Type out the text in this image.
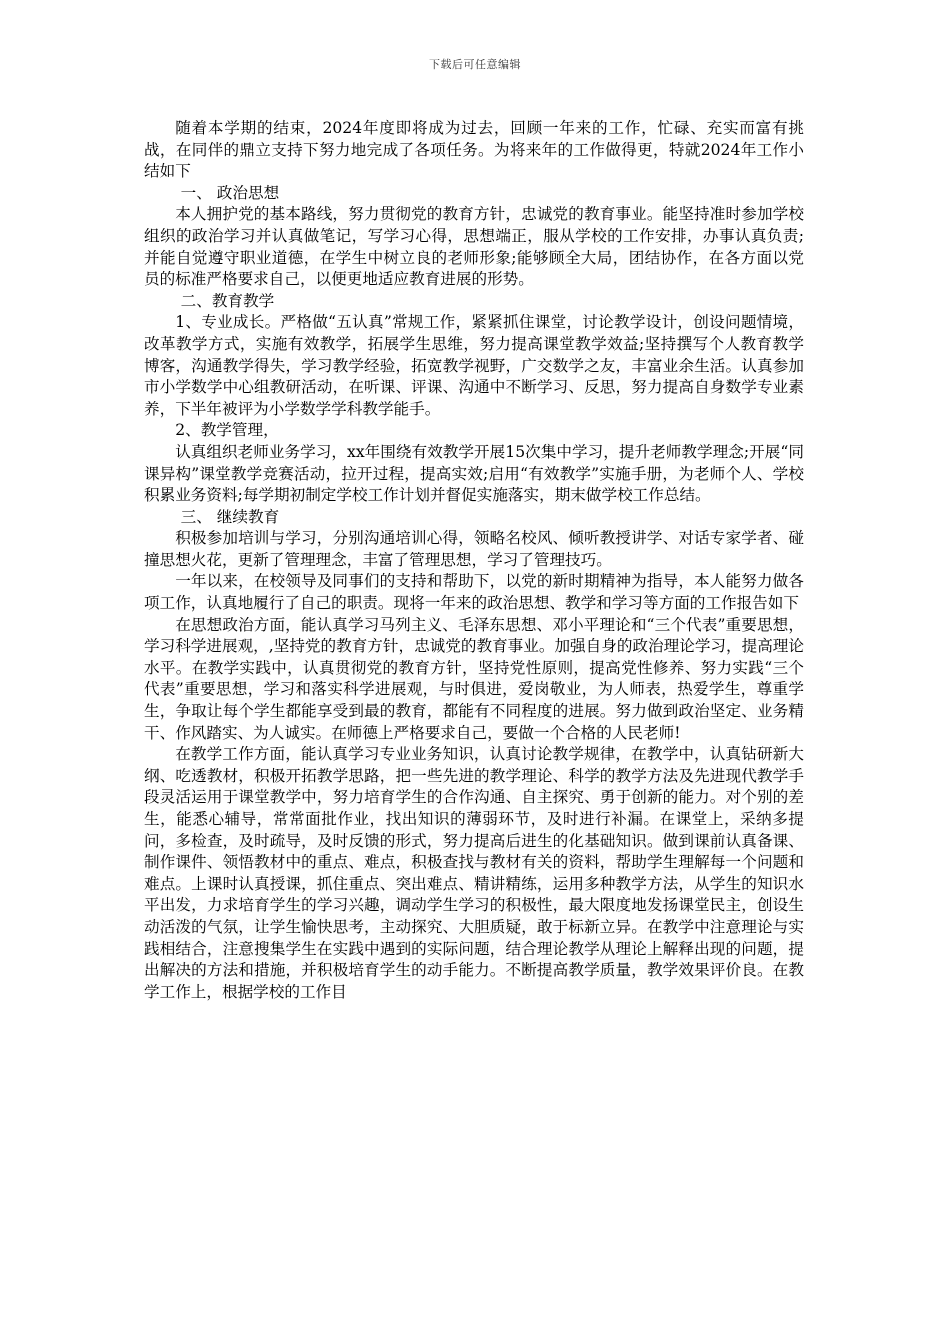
下载后可任意编辑

随着本学期的结束，2024年度即将成为过去，回顾一年来的工作，忙碌、充实而富有挑战，在同伴的鼎立支持下努力地完成了各项任务。为将来年的工作做得更，特就2024年工作小结如下

一、 政治思想

本人拥护党的基本路线，努力贯彻党的教育方针，忠诚党的教育事业。能坚持准时参加学校组织的政治学习并认真做笔记，写学习心得，思想端正，服从学校的工作安排，办事认真负责;并能自觉遵守职业道德，在学生中树立良的老师形象;能够顾全大局，团结协作，在各方面以党员的标准严格要求自己，以便更地适应教育进展的形势。

二、教育教学

1、专业成长。严格做“五认真”常规工作，紧紧抓住课堂，讨论教学设计，创设问题情境，改革教学方式，实施有效教学，拓展学生思维，努力提高课堂教学效益;坚持撰写个人教育教学博客，沟通教学得失，学习教学经验，拓宽教学视野，广交数学之友，丰富业余生活。认真参加市小学数学中心组教研活动，在听课、评课、沟通中不断学习、反思，努力提高自身数学专业素养，下半年被评为小学数学学科教学能手。

2、教学管理，

认真组织老师业务学习，xx年围绕有效教学开展15次集中学习，提升老师教学理念;开展“同课异构”课堂教学竞赛活动，拉开过程，提高实效;启用“有效教学”实施手册，为老师个人、学校积累业务资料;每学期初制定学校工作计划并督促实施落实，期末做学校工作总结。

三、 继续教育

积极参加培训与学习，分别沟通培训心得，领略名校风、倾听教授讲学、对话专家学者、碰撞思想火花，更新了管理理念，丰富了管理思想，学习了管理技巧。

一年以来，在校领导及同事们的支持和帮助下，以党的新时期精神为指导，本人能努力做各项工作，认真地履行了自己的职责。现将一年来的政治思想、教学和学习等方面的工作报告如下

在思想政治方面，能认真学习马列主义、毛泽东思想、邓小平理论和“三个代表”重要思想，学习科学进展观，,坚持党的教育方针，忠诚党的教育事业。加强自身的政治理论学习，提高理论水平。在教学实践中，认真贯彻党的教育方针，坚持党性原则，提高党性修养、努力实践“三个代表”重要思想，学习和落实科学进展观，与时俱进，爱岗敬业，为人师表，热爱学生，尊重学生，争取让每个学生都能享受到最的教育，都能有不同程度的进展。努力做到政治坚定、业务精干、作风踏实、为人诚实。在师德上严格要求自己，要做一个合格的人民老师!

在教学工作方面，能认真学习专业业务知识，认真讨论教学规律，在教学中，认真钻研新大纲、吃透教材，积极开拓教学思路，把一些先进的教学理论、科学的教学方法及先进现代教学手段灵活运用于课堂教学中，努力培育学生的合作沟通、自主探究、勇于创新的能力。对个别的差生，能悉心辅导，常常面批作业，找出知识的薄弱环节，及时进行补漏。在课堂上，采纳多提问，多检查，及时疏导，及时反馈的形式，努力提高后进生的化基础知识。做到课前认真备课、制作课件、领悟教材中的重点、难点，积极查找与教材有关的资料，帮助学生理解每一个问题和难点。上课时认真授课，抓住重点、突出难点、精讲精练，运用多种教学方法，从学生的知识水平出发，力求培育学生的学习兴趣，调动学生学习的积极性，最大限度地发扬课堂民主，创设生动活泼的气氛，让学生愉快思考，主动探究、大胆质疑，敢于标新立异。在教学中注意理论与实践相结合，注意搜集学生在实践中遇到的实际问题，结合理论教学从理论上解释出现的问题，提出解决的方法和措施，并积极培育学生的动手能力。不断提高教学质量，教学效果评价良。在教学工作上，根据学校的工作目
